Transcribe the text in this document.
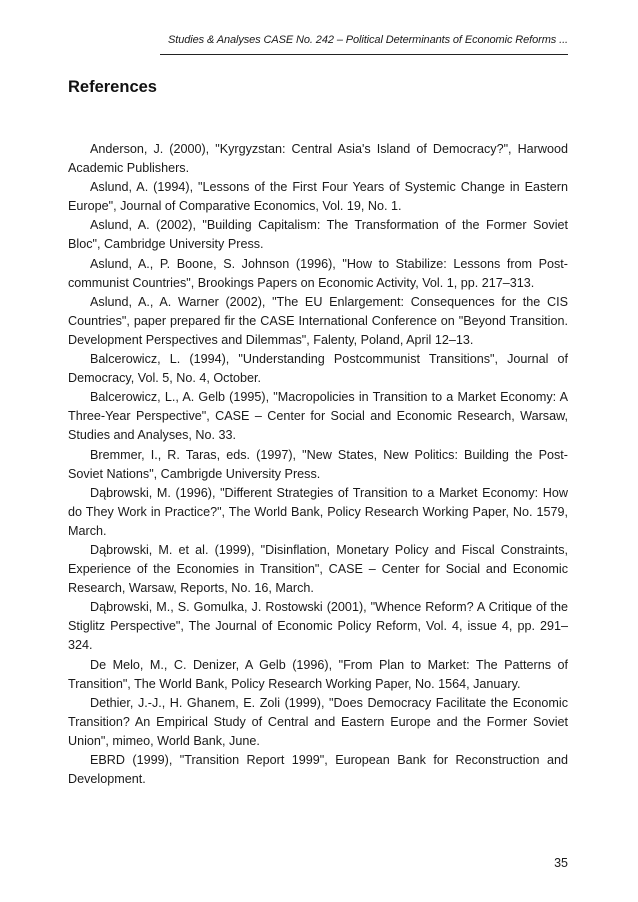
Studies & Analyses CASE No. 242 – Political Determinants of Economic Reforms ...
References

Anderson, J. (2000), "Kyrgyzstan: Central Asia's Island of Democracy?", Harwood Academic Publishers.

Aslund, A. (1994), "Lessons of the First Four Years of Systemic Change in Eastern Europe", Journal of Comparative Economics, Vol. 19, No. 1.

Aslund, A. (2002), "Building Capitalism: The Transformation of the Former Soviet Bloc", Cambridge University Press.

Aslund, A., P. Boone, S. Johnson (1996), "How to Stabilize: Lessons from Post-communist Countries", Brookings Papers on Economic Activity, Vol. 1, pp. 217–313.

Aslund, A., A. Warner (2002), "The EU Enlargement: Consequences for the CIS Countries", paper prepared fir the CASE International Conference on "Beyond Transition. Development Perspectives and Dilemmas", Falenty, Poland, April 12–13.

Balcerowicz, L. (1994), "Understanding Postcommunist Transitions", Journal of Democracy, Vol. 5, No. 4, October.

Balcerowicz, L., A. Gelb (1995), "Macropolicies in Transition to a Market Economy: A Three-Year Perspective", CASE – Center for Social and Economic Research, Warsaw, Studies and Analyses, No. 33.

Bremmer, I., R. Taras, eds. (1997), "New States, New Politics: Building the Post-Soviet Nations", Cambrigde University Press.

Dąbrowski, M. (1996), "Different Strategies of Transition to a Market Economy: How do They Work in Practice?", The World Bank, Policy Research Working Paper, No. 1579, March.

Dąbrowski, M. et al. (1999), "Disinflation, Monetary Policy and Fiscal Constraints, Experience of the Economies in Transition", CASE – Center for Social and Economic Research, Warsaw, Reports, No. 16, March.

Dąbrowski, M., S. Gomulka, J. Rostowski (2001), "Whence Reform? A Critique of the Stiglitz Perspective", The Journal of Economic Policy Reform, Vol. 4, issue 4, pp. 291–324.

De Melo, M., C. Denizer, A Gelb (1996), "From Plan to Market: The Patterns of Transition", The World Bank, Policy Research Working Paper, No. 1564, January.

Dethier, J.-J., H. Ghanem, E. Zoli (1999), "Does Democracy Facilitate the Economic Transition? An Empirical Study of Central and Eastern Europe and the Former Soviet Union", mimeo, World Bank, June.

EBRD (1999), "Transition Report 1999", European Bank for Reconstruction and Development.

35
